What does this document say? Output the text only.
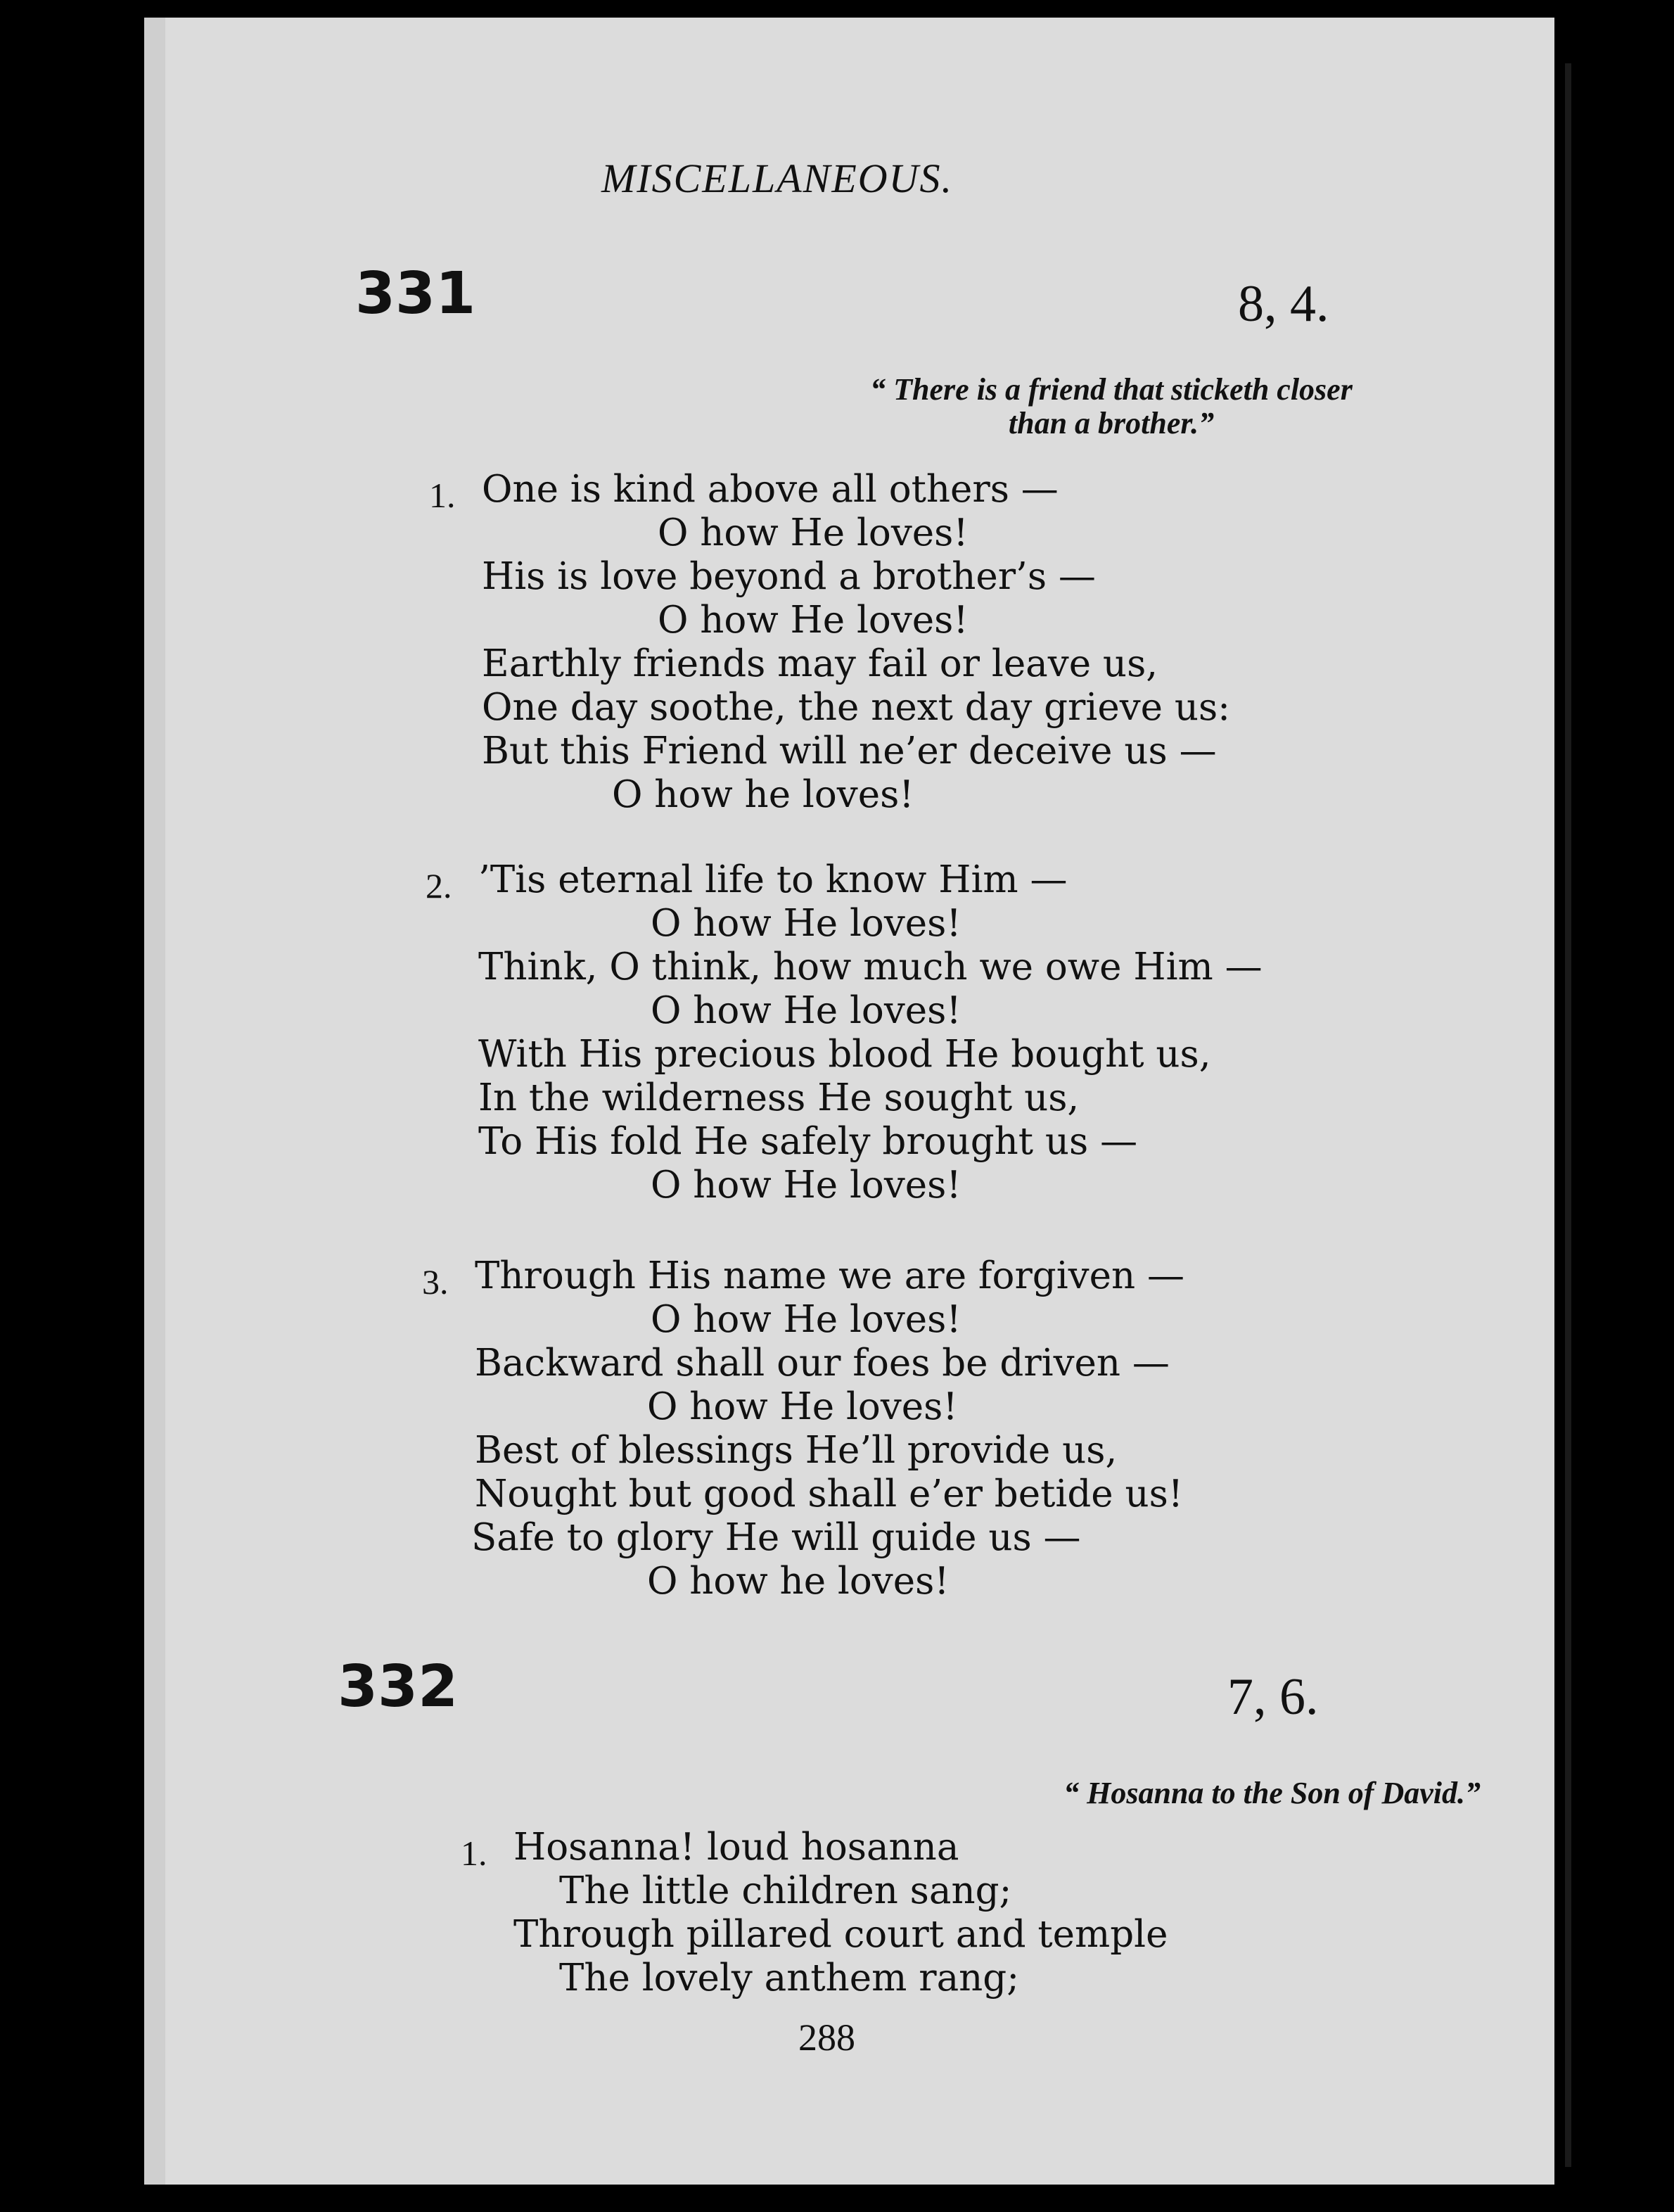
MISCELLANEOUS.
331	8, 4.
“ There is a friend that sticketh closer
than a brother.”
1. One is kind above all others —
O how He loves!
His is love beyond a brother’s —
O how He loves!
Earthly friends may fail or leave us,
One day soothe, the next day grieve us:
But this Friend will ne’er deceive us —
O how he loves!
2. ’Tis eternal life to know Him —
O how He loves!
Think, O think, how much we owe Him —
O how He loves!
With His precious blood He bought us,
In the wilderness He sought us,
To His fold He safely brought us —
O how He loves!
3. Through His name we are forgiven —
O how He loves!
Backward shall our foes be driven —
O how He loves!
Best of blessings He’ll provide us,
Nought but good shall e’er betide us!
Safe to glory He will guide us —
O how he loves!
332	7, 6.
“ Hosanna to the Son of David.”
1. Hosanna! loud hosanna
The little children sang;
Through pillared court and temple
The lovely anthem rang;
288
